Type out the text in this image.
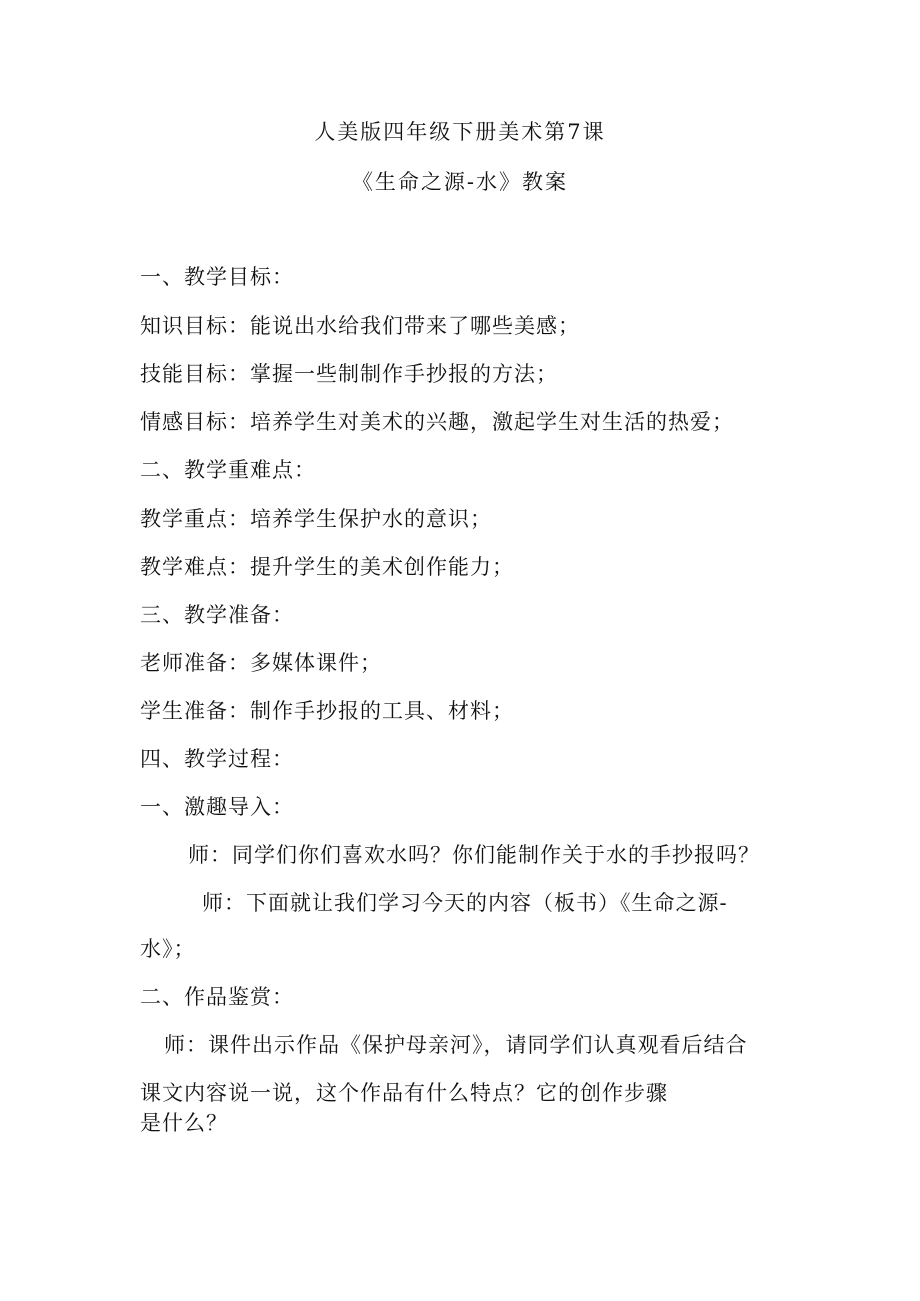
人美版四年级下册美术第7课
《生命之源-水》教案
一、教学目标：
知识目标：能说出水给我们带来了哪些美感；
技能目标：掌握一些制制作手抄报的方法；
情感目标：培养学生对美术的兴趣，激起学生对生活的热爱；
二、教学重难点：
教学重点：培养学生保护水的意识；
教学难点：提升学生的美术创作能力；
三、教学准备：
老师准备：多媒体课件；
学生准备：制作手抄报的工具、材料；
四、教学过程：
一、激趣导入：
师：同学们你们喜欢水吗？你们能制作关于水的手抄报吗？
师：下面就让我们学习今天的内容（板书）《生命之源-
水》；
二、作品鉴赏：
师：课件出示作品《保护母亲河》，请同学们认真观看后结合
课文内容说一说，这个作品有什么特点？它的创作步骤
是什么？
